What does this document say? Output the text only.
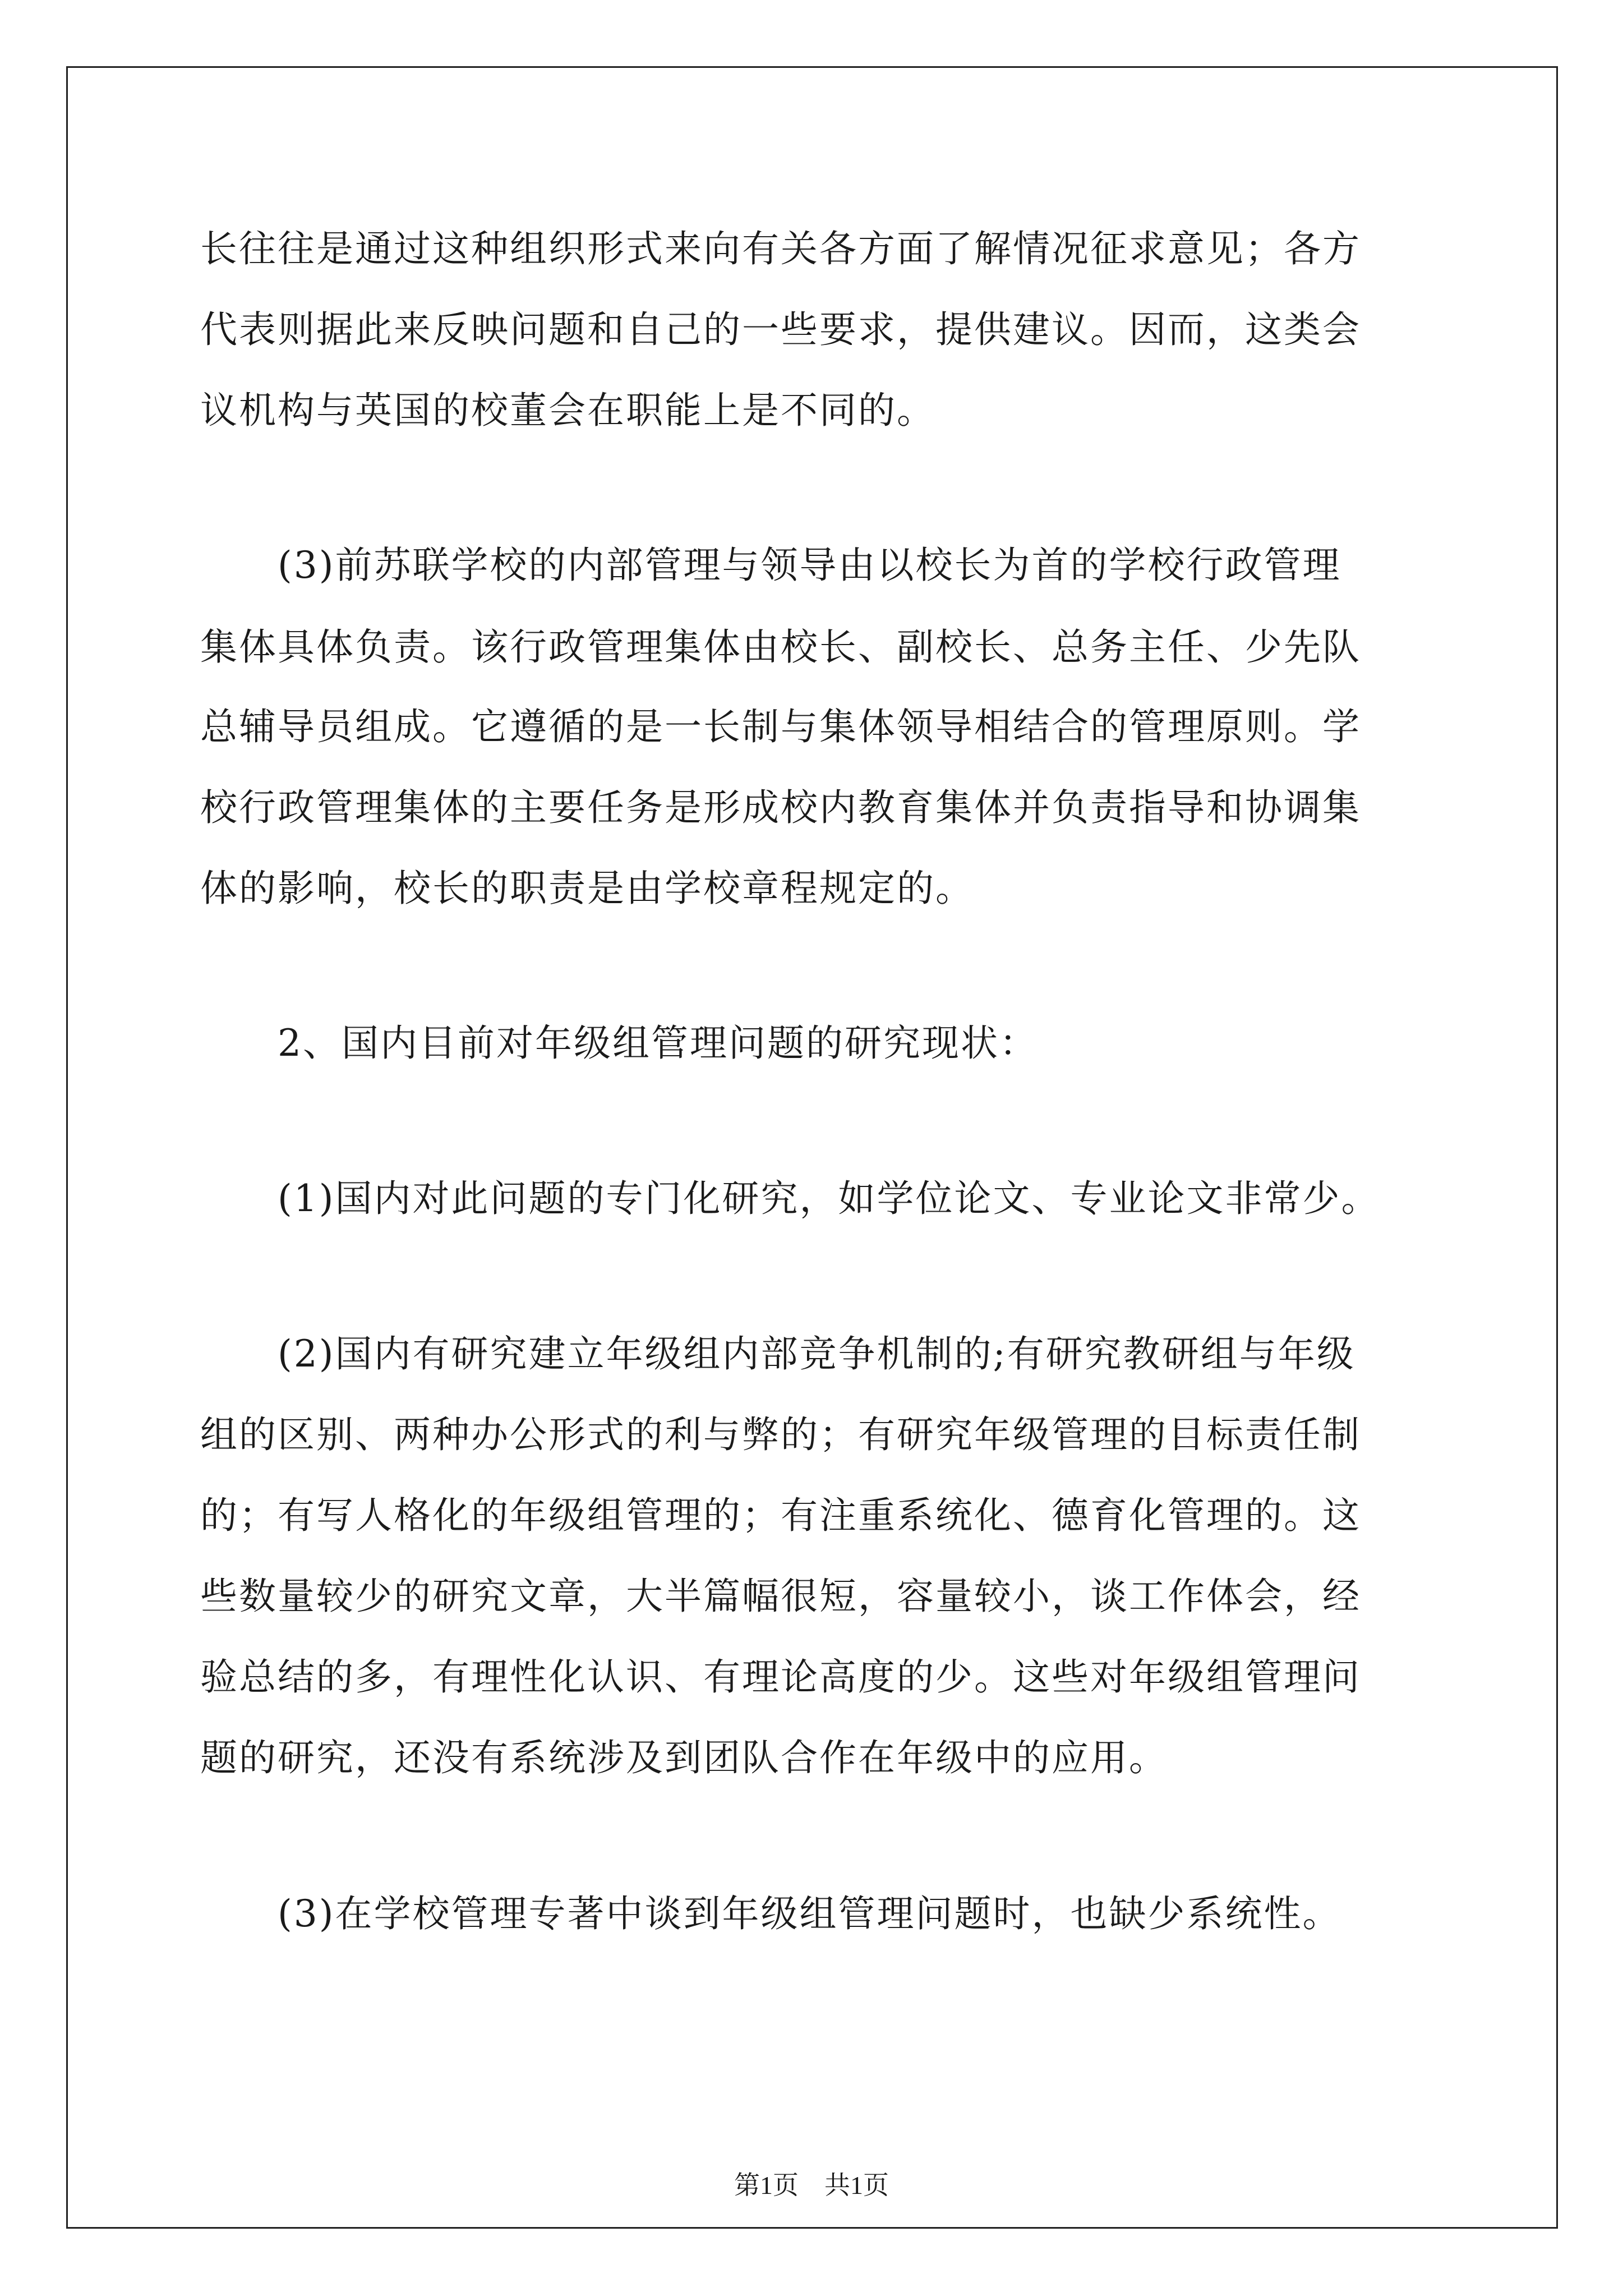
长往往是通过这种组织形式来向有关各方面了解情况征求意见；各方
代表则据此来反映问题和自己的一些要求，提供建议。因而，这类会
议机构与英国的校董会在职能上是不同的。
　　(3)前苏联学校的内部管理与领导由以校长为首的学校行政管理
集体具体负责。该行政管理集体由校长、副校长、总务主任、少先队
总辅导员组成。它遵循的是一长制与集体领导相结合的管理原则。学
校行政管理集体的主要任务是形成校内教育集体并负责指导和协调集
体的影响，校长的职责是由学校章程规定的。
　　2、国内目前对年级组管理问题的研究现状：
　　(1)国内对此问题的专门化研究，如学位论文、专业论文非常少。
　　(2)国内有研究建立年级组内部竞争机制的;有研究教研组与年级
组的区别、两种办公形式的利与弊的；有研究年级管理的目标责任制
的；有写人格化的年级组管理的；有注重系统化、德育化管理的。这
些数量较少的研究文章，大半篇幅很短，容量较小，谈工作体会，经
验总结的多，有理性化认识、有理论高度的少。这些对年级组管理问
题的研究，还没有系统涉及到团队合作在年级中的应用。
　　(3)在学校管理专著中谈到年级组管理问题时，也缺少系统性。
第1页　共1页
